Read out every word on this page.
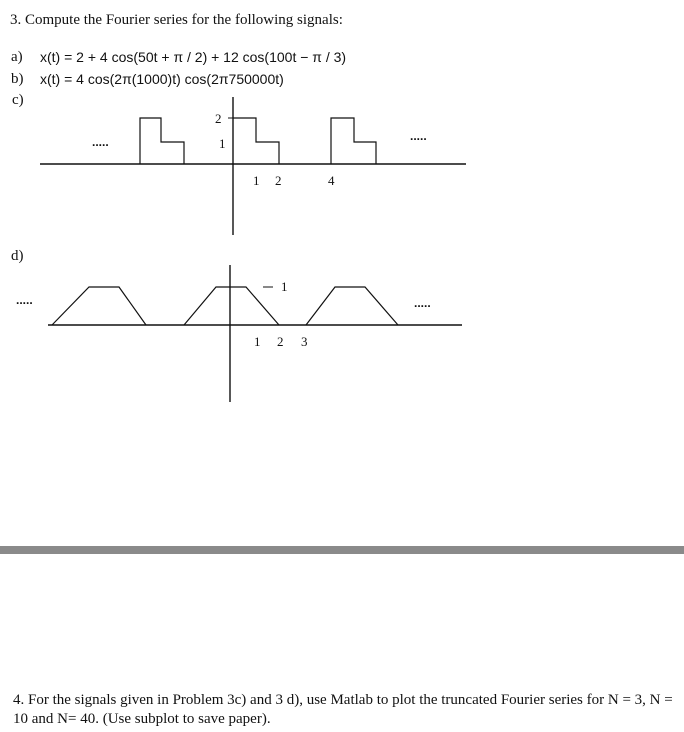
3. Compute the Fourier series for the following signals:
a) x(t) = 2 + 4 cos(50t + π / 2) + 12 cos(100t − π / 3)
b) x(t) = 4 cos(2π(1000)t) cos(2π750000t)
c)
2
1
1 2	4
.....	.....
d)
1
1 2 3
.....	.....
4. For the signals given in Problem 3c) and 3 d), use Matlab to plot the truncated Fourier series for N = 3, N = 10 and N= 40. (Use subplot to save paper).
